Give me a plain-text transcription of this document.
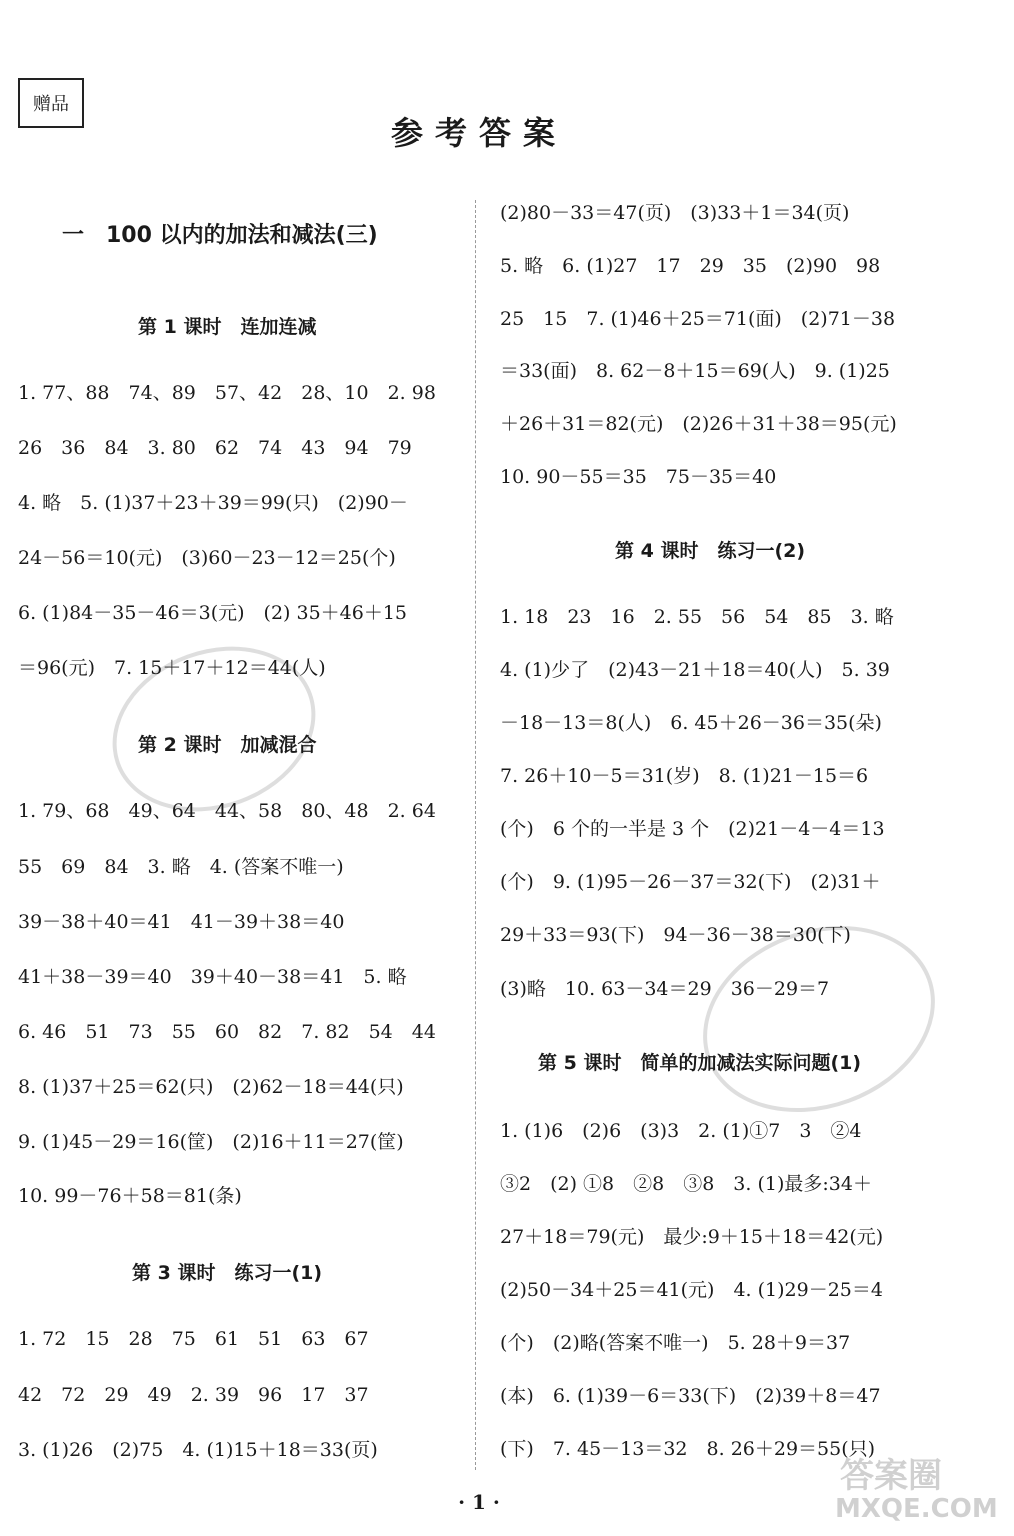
赠品
参考答案
一　100 以内的加法和减法(三)
第 1 课时　连加连减
1. 77、88　74、89　57、42　28、10　2. 98
26　36　84　3. 80　62　74　43　94　79
4. 略　5. (1)37＋23＋39＝99(只)　(2)90－
24－56＝10(元)　(3)60－23－12＝25(个)
6. (1)84－35－46＝3(元)　(2) 35＋46＋15
＝96(元)　7. 15＋17＋12＝44(人)
第 2 课时　加减混合
1. 79、68　49、64　44、58　80、48　2. 64
55　69　84　3. 略　4. (答案不唯一)
39－38＋40＝41　41－39＋38＝40
41＋38－39＝40　39＋40－38＝41　5. 略
6. 46　51　73　55　60　82　7. 82　54　44
8. (1)37＋25＝62(只)　(2)62－18＝44(只)
9. (1)45－29＝16(筐)　(2)16＋11＝27(筐)
10. 99－76＋58＝81(条)
第 3 课时　练习一(1)
1. 72　15　28　75　61　51　63　67
42　72　29　49　2. 39　96　17　37
3. (1)26　(2)75　4. (1)15＋18＝33(页)
(2)80－33＝47(页)　(3)33＋1＝34(页)
5. 略　6. (1)27　17　29　35　(2)90　98
25　15　7. (1)46＋25＝71(面)　(2)71－38
＝33(面)　8. 62－8＋15＝69(人)　9. (1)25
＋26＋31＝82(元)　(2)26＋31＋38＝95(元)
10. 90－55＝35　75－35＝40
第 4 课时　练习一(2)
1. 18　23　16　2. 55　56　54　85　3. 略
4. (1)少了　(2)43－21＋18＝40(人)　5. 39
－18－13＝8(人)　6. 45＋26－36＝35(朵)
7. 26＋10－5＝31(岁)　8. (1)21－15＝6
(个)　6 个的一半是 3 个　(2)21－4－4＝13
(个)　9. (1)95－26－37＝32(下)　(2)31＋
29＋33＝93(下)　94－36－38＝30(下)
(3)略　10. 63－34＝29　36－29＝7
第 5 课时　简单的加减法实际问题(1)
1. (1)6　(2)6　(3)3　2. (1)①7　3　②4
③2　(2) ①8　②8　③8　3. (1)最多:34＋
27＋18＝79(元)　最少:9＋15＋18＝42(元)
(2)50－34＋25＝41(元)　4. (1)29－25＝4
(个)　(2)略(答案不唯一)　5. 28＋9＝37
(本)　6. (1)39－6＝33(下)　(2)39＋8＝47
(下)　7. 45－13＝32　8. 26＋29＝55(只)
· 1 ·
答案圈
MXQE.COM
